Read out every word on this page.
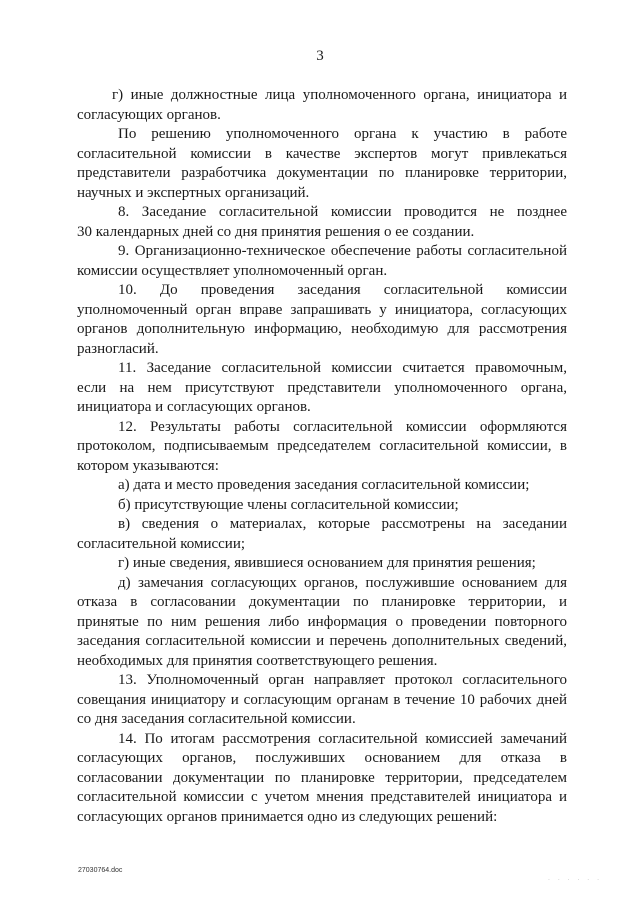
3
г) иные должностные лица уполномоченного органа, инициатора и
согласующих органов.
По решению уполномоченного органа к участию в работе
согласительной комиссии в качестве экспертов могут привлекаться
представители разработчика документации по планировке территории,
научных и экспертных организаций.
8. Заседание согласительной комиссии проводится не позднее
30 календарных дней со дня принятия решения о ее создании.
9. Организационно-техническое обеспечение работы согласительной
комиссии осуществляет уполномоченный орган.
10. До проведения заседания согласительной комиссии
уполномоченный орган вправе запрашивать у инициатора, согласующих
органов дополнительную информацию, необходимую для рассмотрения
разногласий.
11. Заседание согласительной комиссии считается правомочным,
если на нем присутствуют представители уполномоченного органа,
инициатора и согласующих органов.
12. Результаты работы согласительной комиссии оформляются
протоколом, подписываемым председателем согласительной комиссии, в
котором указываются:
а) дата и место проведения заседания согласительной комиссии;
б) присутствующие члены согласительной комиссии;
в) сведения о материалах, которые рассмотрены на заседании
согласительной комиссии;
г) иные сведения, явившиеся основанием для принятия решения;
д) замечания согласующих органов, послужившие основанием для
отказа в согласовании документации по планировке территории, и
принятые по ним решения либо информация о проведении повторного
заседания согласительной комиссии и перечень дополнительных сведений,
необходимых для принятия соответствующего решения.
13. Уполномоченный орган направляет протокол согласительного
совещания инициатору и согласующим органам в течение 10 рабочих дней
со дня заседания согласительной комиссии.
14. По итогам рассмотрения согласительной комиссией замечаний
согласующих органов, послуживших основанием для отказа в
согласовании документации по планировке территории, председателем
согласительной комиссии с учетом мнения представителей инициатора и
согласующих органов принимается одно из следующих решений:
27030764.doc
· · · · · ·
